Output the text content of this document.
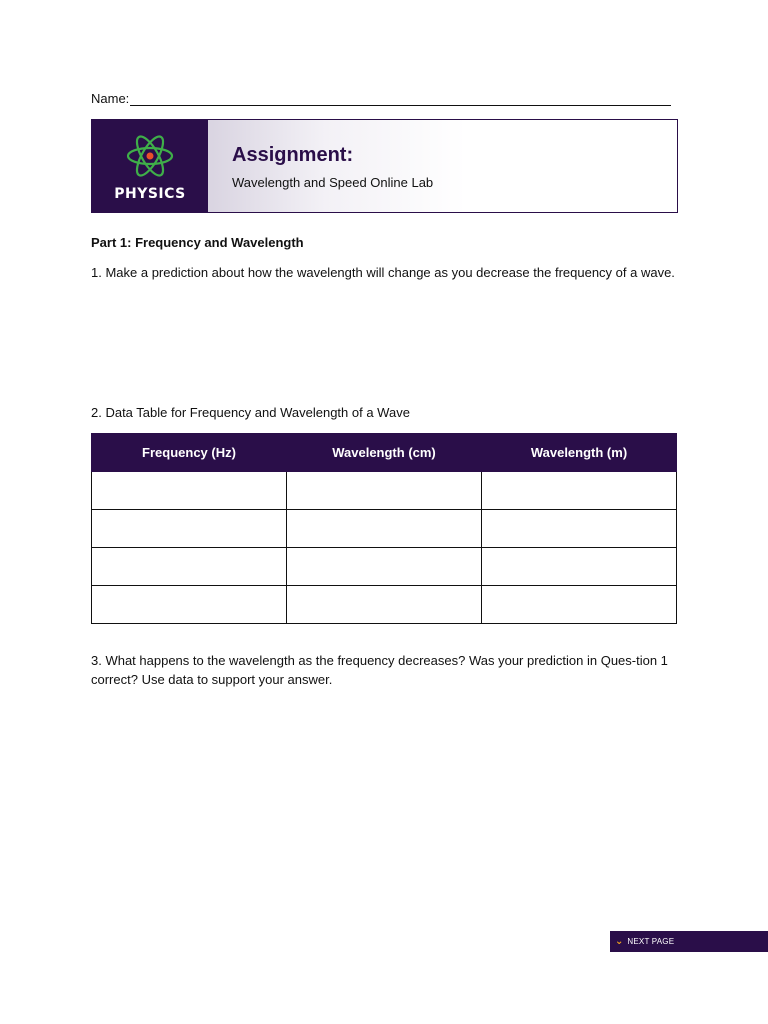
Name:
PHYSICS
Assignment:
Wavelength and Speed Online Lab
Part 1: Frequency and Wavelength
1. Make a prediction about how the wavelength will change as you decrease the frequency of a wave.
2. Data Table for Frequency and Wavelength of a Wave
Frequency (Hz)	Wavelength (cm)	Wavelength (m)

3. What happens to the wavelength as the frequency decreases? Was your prediction in Ques-tion 1 correct? Use data to support your answer.
⌄ NEXT PAGE
